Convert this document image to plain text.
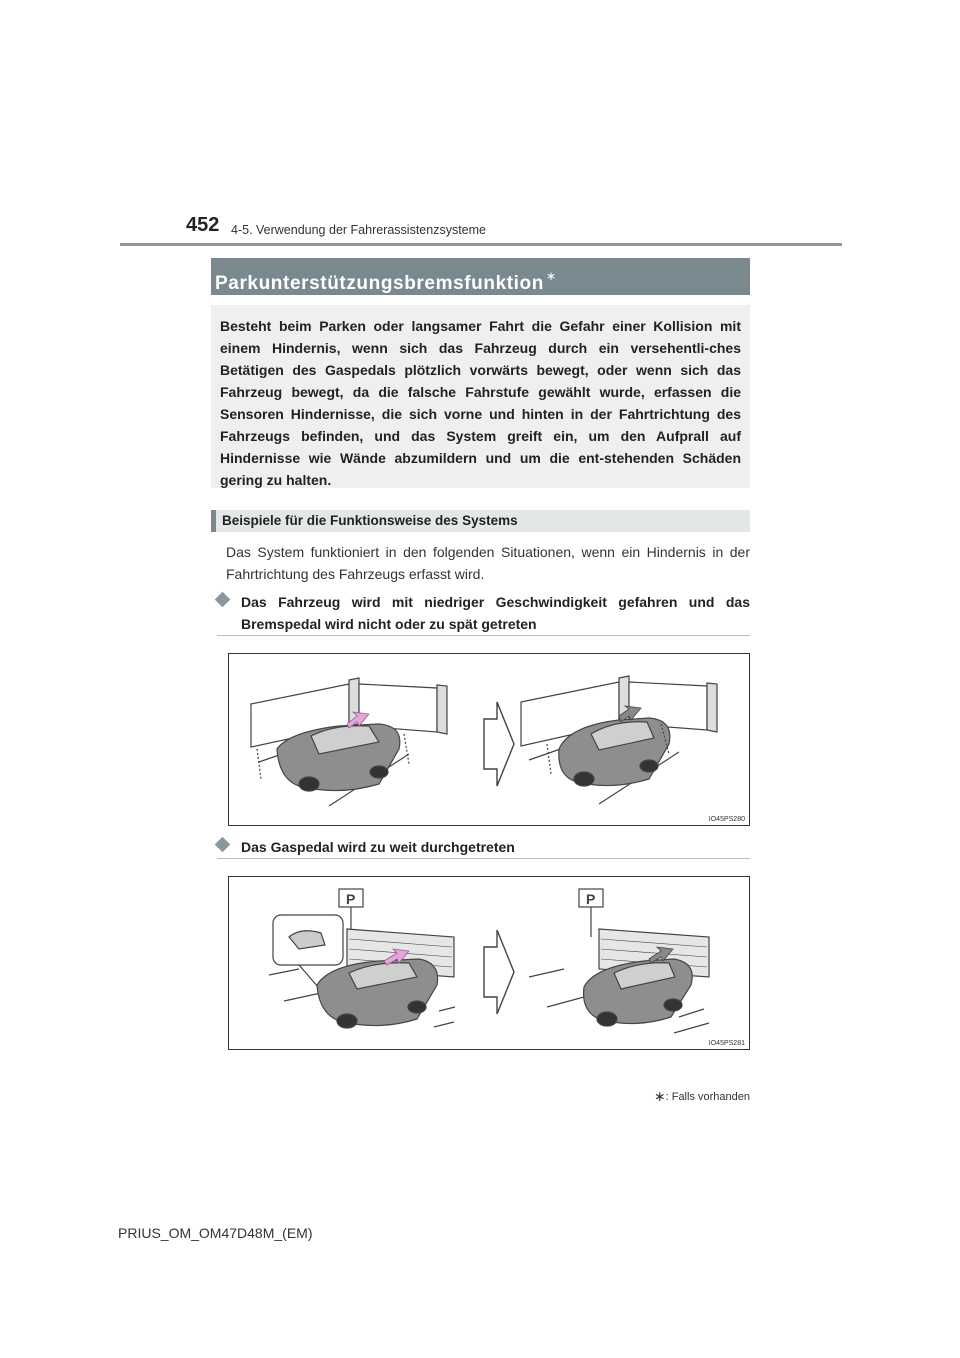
452 4-5. Verwendung der Fahrerassistenzsysteme
Parkunterstützungsbremsfunktion ∗

Besteht beim Parken oder langsamer Fahrt die Gefahr einer Kollision mit einem Hindernis, wenn sich das Fahrzeug durch ein versehentli-ches Betätigen des Gaspedals plötzlich vorwärts bewegt, oder wenn sich das Fahrzeug bewegt, da die falsche Fahrstufe gewählt wurde, erfassen die Sensoren Hindernisse, die sich vorne und hinten in der Fahrtrichtung des Fahrzeugs befinden, und das System greift ein, um den Aufprall auf Hindernisse wie Wände abzumildern und um die ent-stehenden Schäden gering zu halten.

Beispiele für die Funktionsweise des Systems

Das System funktioniert in den folgenden Situationen, wenn ein Hindernis in der Fahrtrichtung des Fahrzeugs erfasst wird.

Das Fahrzeug wird mit niedriger Geschwindigkeit gefahren und das Bremspedal wird nicht oder zu spät getreten
IO45PS280
Das Gaspedal wird zu weit durchgetreten
P	P
IO45PS281
∗: Falls vorhanden
PRIUS_OM_OM47D48M_(EM)
